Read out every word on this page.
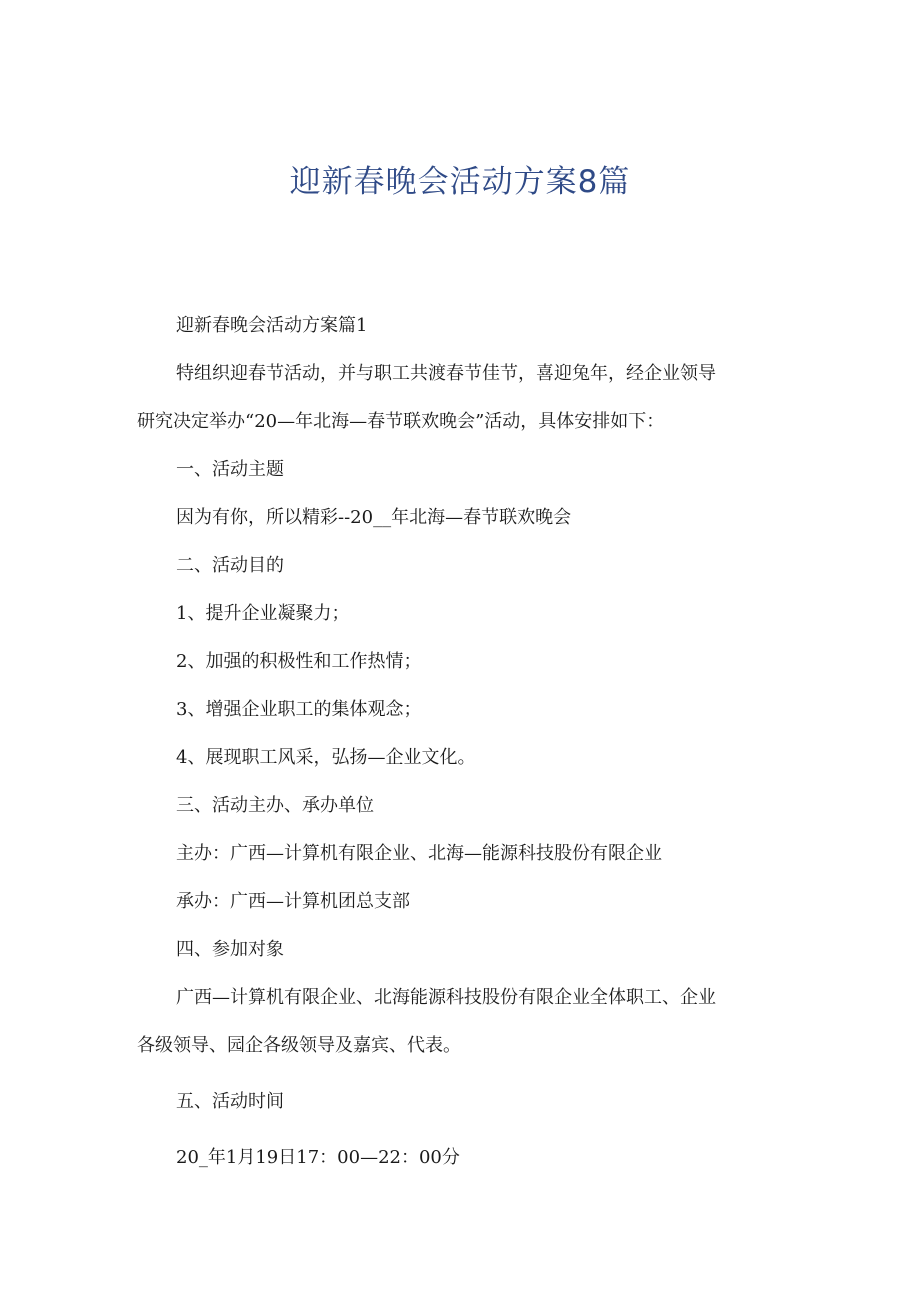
迎新春晚会活动方案8篇
迎新春晚会活动方案篇1
特组织迎春节活动，并与职工共渡春节佳节，喜迎兔年，经企业领导
研究决定举办“20—年北海—春节联欢晚会”活动，具体安排如下：
一、活动主题
因为有你，所以精彩--20__年北海—春节联欢晚会
二、活动目的
1、提升企业凝聚力；
2、加强的积极性和工作热情；
3、增强企业职工的集体观念；
4、展现职工风采，弘扬—企业文化。
三、活动主办、承办单位
主办：广西—计算机有限企业、北海—能源科技股份有限企业
承办：广西—计算机团总支部
四、参加对象
广西—计算机有限企业、北海能源科技股份有限企业全体职工、企业
各级领导、园企各级领导及嘉宾、代表。
五、活动时间
20_年1月19日17：00—22：00分
